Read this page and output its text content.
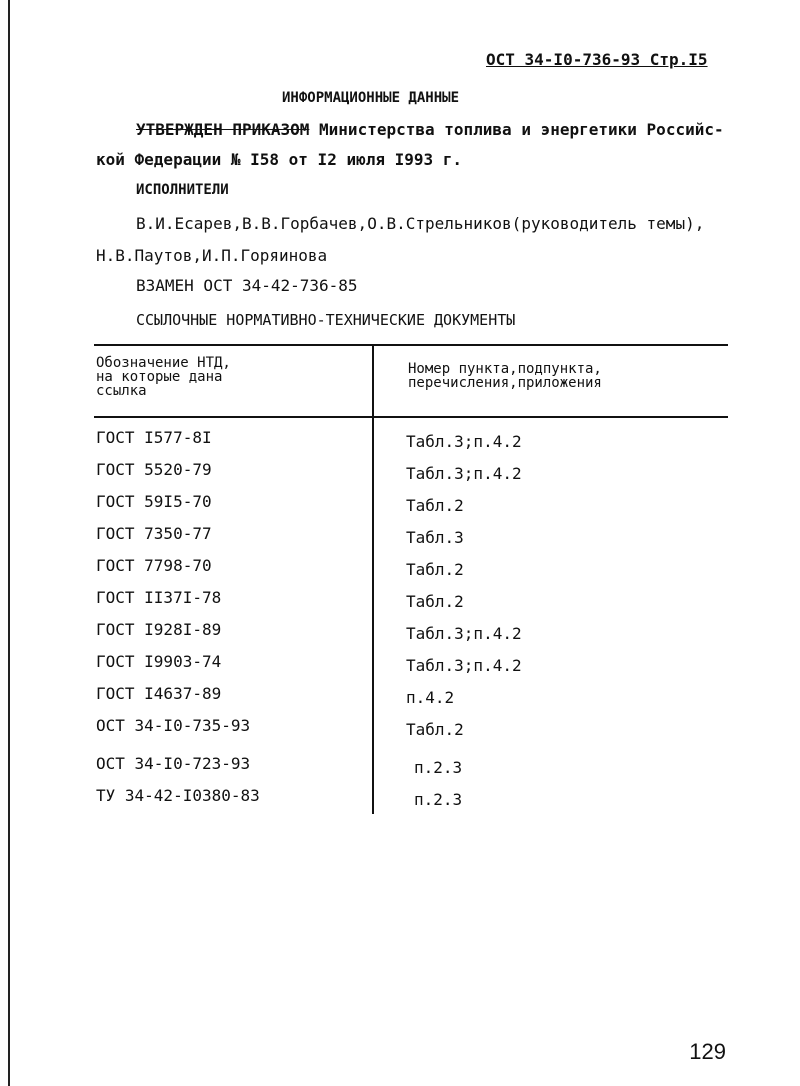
ОСТ 34-I0-736-93 Стр.I5
ИНФОРМАЦИОННЫЕ ДАННЫЕ
УТВЕРЖДЕН ПРИКАЗОМ Министерства топлива и энергетики Российс-
кой Федерации № I58 от I2 июля I993 г.
ИСПОЛНИТЕЛИ
В.И.Есарев,В.В.Горбачев,О.В.Стрельников(руководитель темы),
Н.В.Паутов,И.П.Горяинова
ВЗАМЕН ОСТ 34-42-736-85
ССЫЛОЧНЫЕ НОРМАТИВНО-ТЕХНИЧЕСКИЕ ДОКУМЕНТЫ
Обозначение НТД,
на которые дана
ссылка
Номер пункта,подпункта,
перечисления,приложения
ГОСТ I577-8I	Табл.3;п.4.2
ГОСТ 5520-79	Табл.3;п.4.2
ГОСТ 59I5-70	Табл.2
ГОСТ 7350-77	Табл.3
ГОСТ 7798-70	Табл.2
ГОСТ II37I-78	Табл.2
ГОСТ I928I-89	Табл.3;п.4.2
ГОСТ I9903-74	Табл.3;п.4.2
ГОСТ I4637-89	п.4.2
ОСТ 34-I0-735-93	Табл.2
ОСТ 34-I0-723-93	п.2.3
ТУ 34-42-I0380-83	п.2.3
129
